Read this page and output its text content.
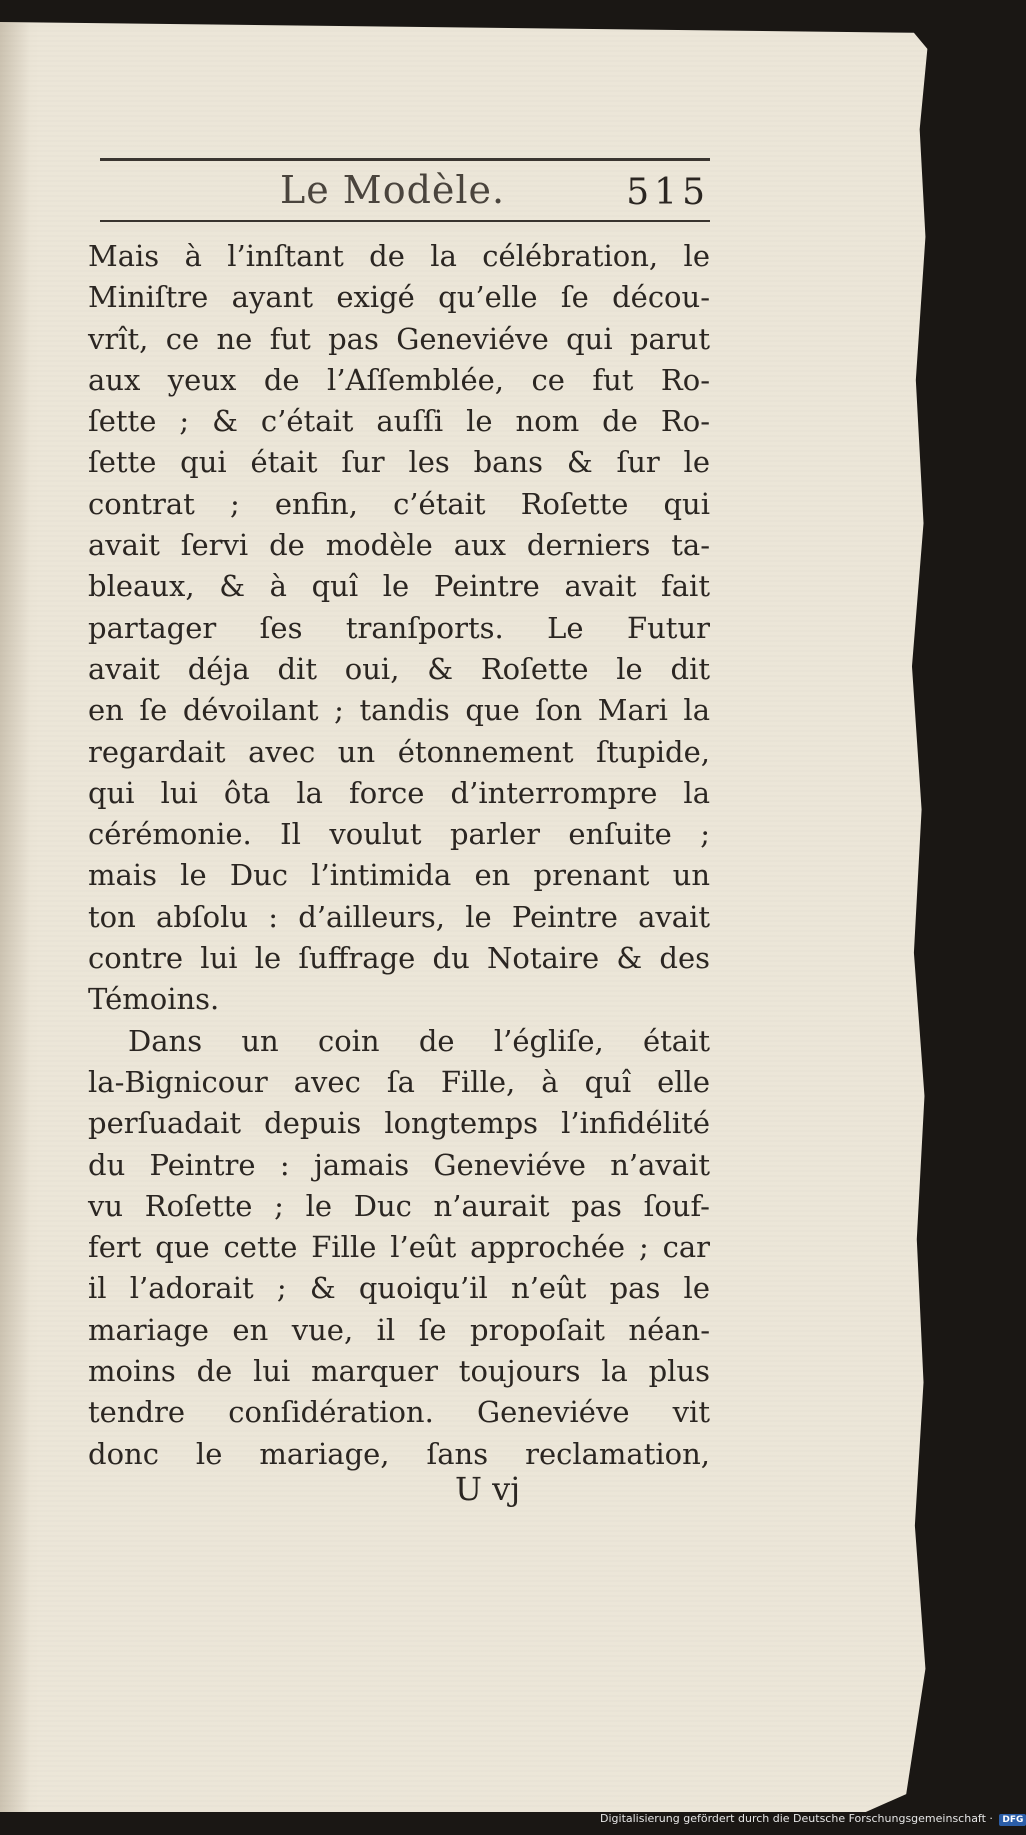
Le Modèle.	515
Mais à l’inſtant de la célébration, le
Miniſtre ayant exigé qu’elle ſe décou-
vrît, ce ne fut pas Geneviéve qui parut
aux yeux de l’Aſſemblée, ce fut Ro-
ſette ; & c’était auſſi le nom de Ro-
ſette qui était ſur les bans & ſur le
contrat ; enfin, c’était Roſette qui
avait ſervi de modèle aux derniers ta-
bleaux, & à quî le Peintre avait fait
partager ſes tranſports. Le Futur
avait déja dit oui, & Roſette le dit
en ſe dévoilant ; tandis que ſon Mari la
regardait avec un étonnement ſtupide,
qui lui ôta la force d’interrompre la
cérémonie. Il voulut parler enſuite ;
mais le Duc l’intimida en prenant un
ton abſolu : d’ailleurs, le Peintre avait
contre lui le ſuffrage du Notaire & des
Témoins.
Dans un coin de l’égliſe, était
la-Bignicour avec ſa Fille, à quî elle
perſuadait depuis longtemps l’infidélité
du Peintre : jamais Geneviéve n’avait
vu Roſette ; le Duc n’aurait pas ſouf-
fert que cette Fille l’eût approchée ; car
il l’adorait ; & quoiqu’il n’eût pas le
mariage en vue, il ſe propoſait néan-
moins de lui marquer toujours la plus
tendre conſidération. Geneviéve vit
donc le mariage, ſans reclamation,
U vj
Digitalisierung gefördert durch die Deutsche Forschungsgemeinschaft · DFG
